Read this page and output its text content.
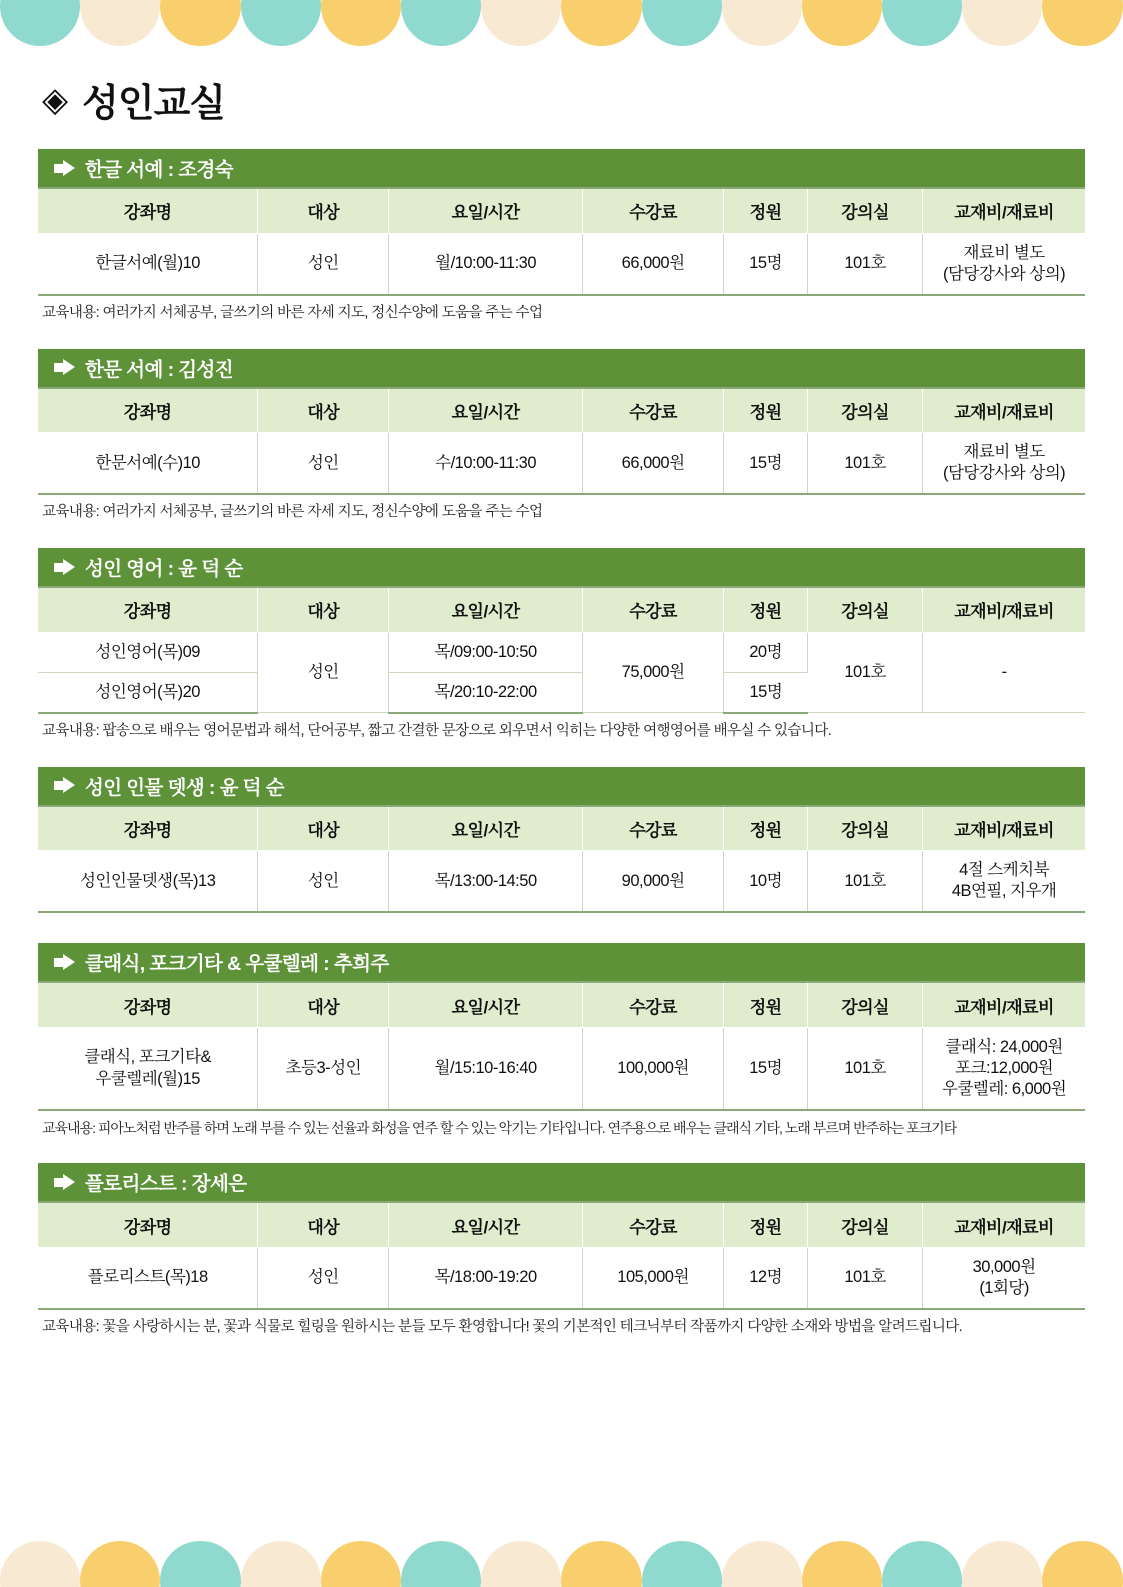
◈ 성인교실
한글 서예 : 조경숙
강좌명	대상	요일/시간	수강료	정원	강의실	교재비/재료비
한글서예(월)10	성인	월/10:00-11:30	66,000원	15명	101호	재료비 별도
(담당강사와 상의)
교육내용: 여러가지 서체공부, 글쓰기의 바른 자세 지도, 정신수양에 도움을 주는 수업
한문 서예 : 김성진
강좌명	대상	요일/시간	수강료	정원	강의실	교재비/재료비
한문서예(수)10	성인	수/10:00-11:30	66,000원	15명	101호	재료비 별도
(담당강사와 상의)
교육내용: 여러가지 서체공부, 글쓰기의 바른 자세 지도, 정신수양에 도움을 주는 수업
성인 영어 : 윤 덕 순
강좌명	대상	요일/시간	수강료	정원	강의실	교재비/재료비
성인영어(목)09	성인	목/09:00-10:50	75,000원	20명	101호	-
성인영어(목)20		목/20:10-22:00		15명		
교육내용: 팝송으로 배우는 영어문법과 해석, 단어공부, 짧고 간결한 문장으로 외우면서 익히는 다양한 여행영어를 배우실 수 있습니다.
성인 인물 뎃생 : 윤 덕 순
강좌명	대상	요일/시간	수강료	정원	강의실	교재비/재료비
성인인물뎃생(목)13	성인	목/13:00-14:50	90,000원	10명	101호	4절 스케치북
4B연필, 지우개
클래식, 포크기타 & 우쿨렐레 : 추희주
강좌명	대상	요일/시간	수강료	정원	강의실	교재비/재료비
클래식, 포크기타&
우쿨렐레(월)15	초등3-성인	월/15:10-16:40	100,000원	15명	101호	클래식: 24,000원
포크:12,000원
우쿨렐레: 6,000원
교육내용: 피아노처럼 반주를 하며 노래 부를 수 있는 선율과 화성을 연주 할 수 있는 악기는 기타입니다. 연주용으로 배우는 클래식 기타, 노래 부르며 반주하는 포크기타
플로리스트 : 장세은
강좌명	대상	요일/시간	수강료	정원	강의실	교재비/재료비
플로리스트(목)18	성인	목/18:00-19:20	105,000원	12명	101호	30,000원
(1회당)
교육내용: 꽃을 사랑하시는 분, 꽃과 식물로 힐링을 원하시는 분들 모두 환영합니다! 꽃의 기본적인 테크닉부터 작품까지 다양한 소재와 방법을 알려드립니다.
